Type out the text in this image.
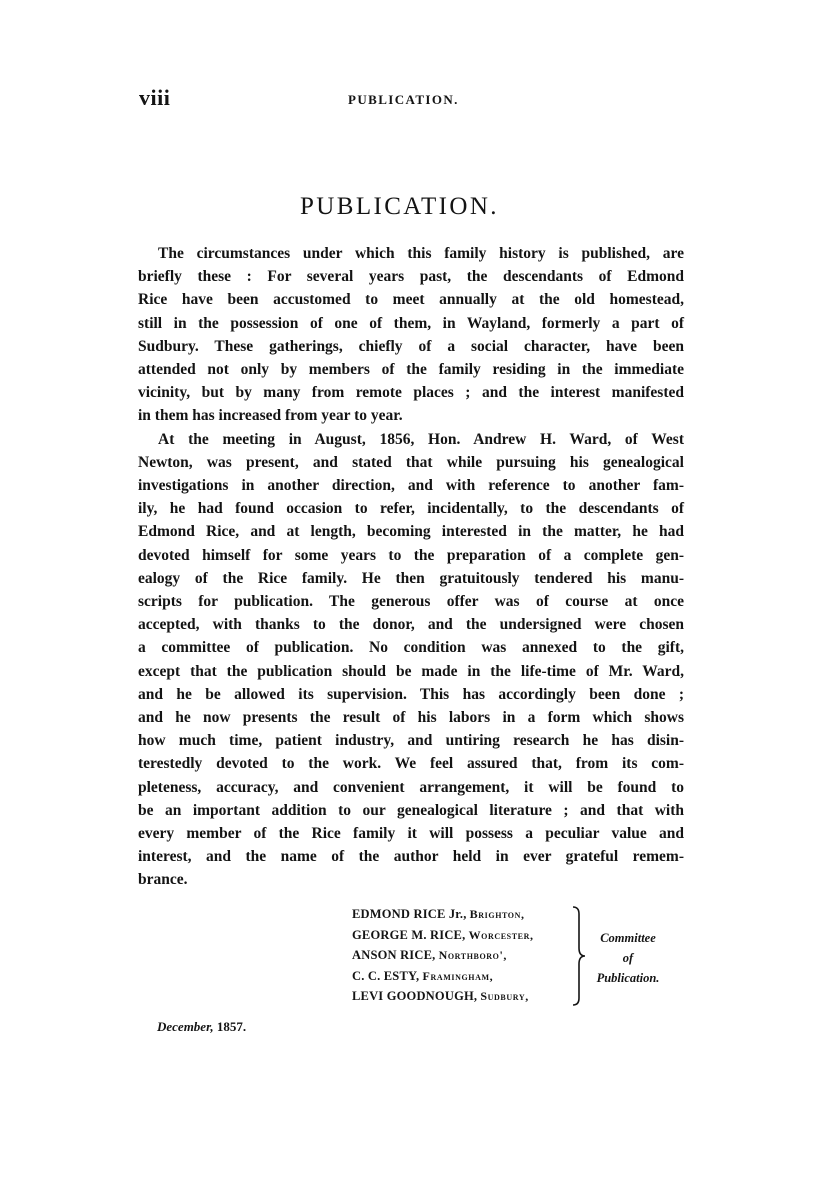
viii	PUBLICATION.
PUBLICATION.
The circumstances under which this family history is published, are
briefly these : For several years past, the descendants of Edmond
Rice have been accustomed to meet annually at the old homestead,
still in the possession of one of them, in Wayland, formerly a part of
Sudbury. These gatherings, chiefly of a social character, have been
attended not only by members of the family residing in the immediate
vicinity, but by many from remote places ; and the interest manifested
in them has increased from year to year.
At the meeting in August, 1856, Hon. Andrew H. Ward, of West
Newton, was present, and stated that while pursuing his genealogical
investigations in another direction, and with reference to another fam-
ily, he had found occasion to refer, incidentally, to the descendants of
Edmond Rice, and at length, becoming interested in the matter, he had
devoted himself for some years to the preparation of a complete gen-
ealogy of the Rice family. He then gratuitously tendered his manu-
scripts for publication. The generous offer was of course at once
accepted, with thanks to the donor, and the undersigned were chosen
a committee of publication. No condition was annexed to the gift,
except that the publication should be made in the life-time of Mr. Ward,
and he be allowed its supervision. This has accordingly been done ;
and he now presents the result of his labors in a form which shows
how much time, patient industry, and untiring research he has disin-
terestedly devoted to the work. We feel assured that, from its com-
pleteness, accuracy, and convenient arrangement, it will be found to
be an important addition to our genealogical literature ; and that with
every member of the Rice family it will possess a peculiar value and
interest, and the name of the author held in ever grateful remem-
brance.
EDMOND RICE Jr., Brighton,
GEORGE M. RICE, Worcester,
ANSON RICE, Northboro',
C. C. ESTY, Framingham,
LEVI GOODNOUGH, Sudbury,
Committee
of
Publication.
December, 1857.
